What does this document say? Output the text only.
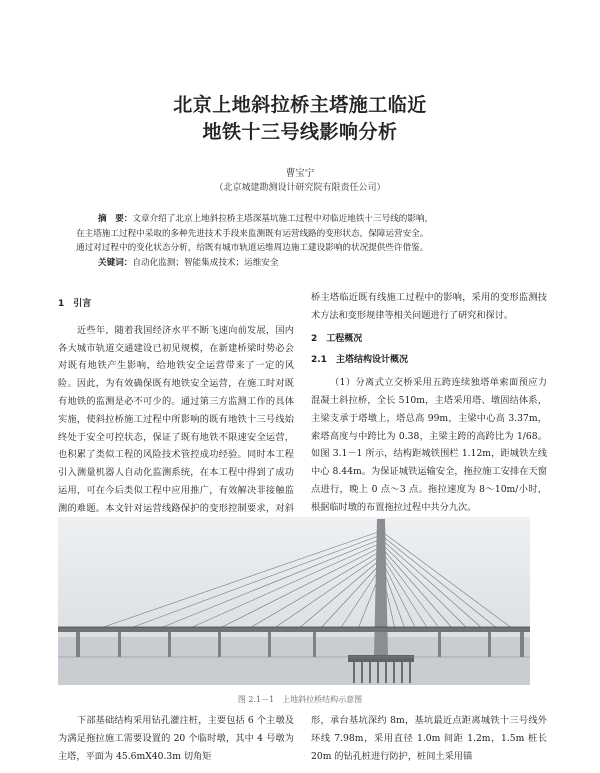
北京上地斜拉桥主塔施工临近
地铁十三号线影响分析
曹宝宁
（北京城建勘测设计研究院有限责任公司）

摘　要：文章介绍了北京上地斜拉桥主塔深基坑施工过程中对临近地铁十三号线的影响，

在主塔施工过程中采取的多种先进技术手段来监测既有运营线路的变形状态，保障运营安全。

通过对过程中的变化状态分析，给既有城市轨道运维周边施工建设影响的状况提供些许借鉴。

关键词：自动化监测；智能集成技术；运维安全

1　引言

近些年，随着我国经济水平不断飞速向前发展，国内各大城市轨道交通建设已初见规模，在新建桥梁时势必会对既有地铁产生影响，给地铁安全运营带来了一定的风险。因此，为有效确保既有地铁安全运营，在施工时对既有地铁的监测是必不可少的。通过第三方监测工作的具体实施，使斜拉桥施工过程中所影响的既有地铁十三号线始终处于安全可控状态，保证了既有地铁不限速安全运营，也积累了类似工程的风险技术管控成功经验。同时本工程引入测量机器人自动化监测系统，在本工程中得到了成功运用，可在今后类似工程中应用推广，有效解决非接触监测的难题。本文针对运营线路保护的变形控制要求，对斜

桥主塔临近既有线施工过程中的影响，采用的变形监测技术方法和变形规律等相关问题进行了研究和探讨。

2　工程概况

2.1　主塔结构设计概况

（1）分离式立交桥采用五跨连续独塔单索面预应力混凝土斜拉桥，全长 510m，主塔采用塔、墩固结体系，主梁支承于塔墩上，塔总高 99m，主梁中心高 3.37m，索塔高度与中跨比为 0.38，主梁主跨的高跨比为 1/68。如图 3.1－1 所示，结构距城铁围栏 1.12m，距城铁左线中心 8.44m。为保证城铁运输安全，拖拉施工安排在天窗点进行，晚上 0 点～3 点。拖拉速度为 8～10m/小时，根据临时墩的布置拖拉过程中共分九次。

图 2.1－1　上地斜拉桥结构示意图

下部基础结构采用钻孔灌注桩，主要包括 6 个主墩及为满足拖拉施工需要设置的 20 个临时墩，其中 4 号墩为主塔，平面为 45.6mX40.3m 切角矩

形，承台基坑深约 8m，基坑最近点距离城铁十三号线外环线 7.98m，采用直径 1.0m 间距 1.2m，1.5m 桩长 20m 的钻孔桩进行防护，桩间土采用锚
